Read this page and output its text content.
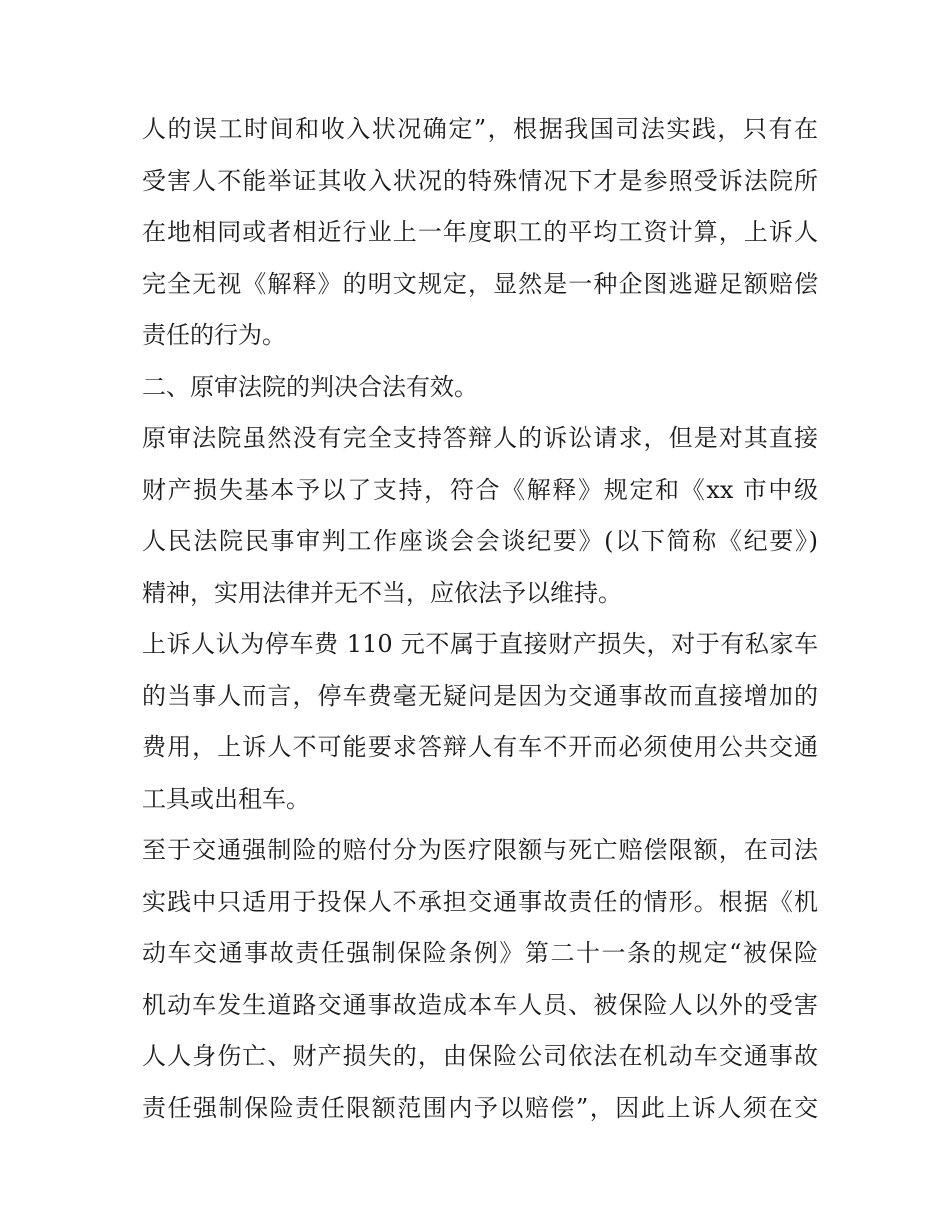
人的误工时间和收入状况确定”，根据我国司法实践，只有在
受害人不能举证其收入状况的特殊情况下才是参照受诉法院所
在地相同或者相近行业上一年度职工的平均工资计算，上诉人
完全无视《解释》的明文规定，显然是一种企图逃避足额赔偿
责任的行为。
二、原审法院的判决合法有效。
原审法院虽然没有完全支持答辩人的诉讼请求，但是对其直接
财产损失基本予以了支持，符合《解释》规定和《xx 市中级
人民法院民事审判工作座谈会会谈纪要》(以下简称《纪要》)
精神，实用法律并无不当，应依法予以维持。
上诉人认为停车费 110 元不属于直接财产损失，对于有私家车
的当事人而言，停车费毫无疑问是因为交通事故而直接增加的
费用，上诉人不可能要求答辩人有车不开而必须使用公共交通
工具或出租车。
至于交通强制险的赔付分为医疗限额与死亡赔偿限额，在司法
实践中只适用于投保人不承担交通事故责任的情形。根据《机
动车交通事故责任强制保险条例》第二十一条的规定“被保险
机动车发生道路交通事故造成本车人员、被保险人以外的受害
人人身伤亡、财产损失的，由保险公司依法在机动车交通事故
责任强制保险责任限额范围内予以赔偿”，因此上诉人须在交
